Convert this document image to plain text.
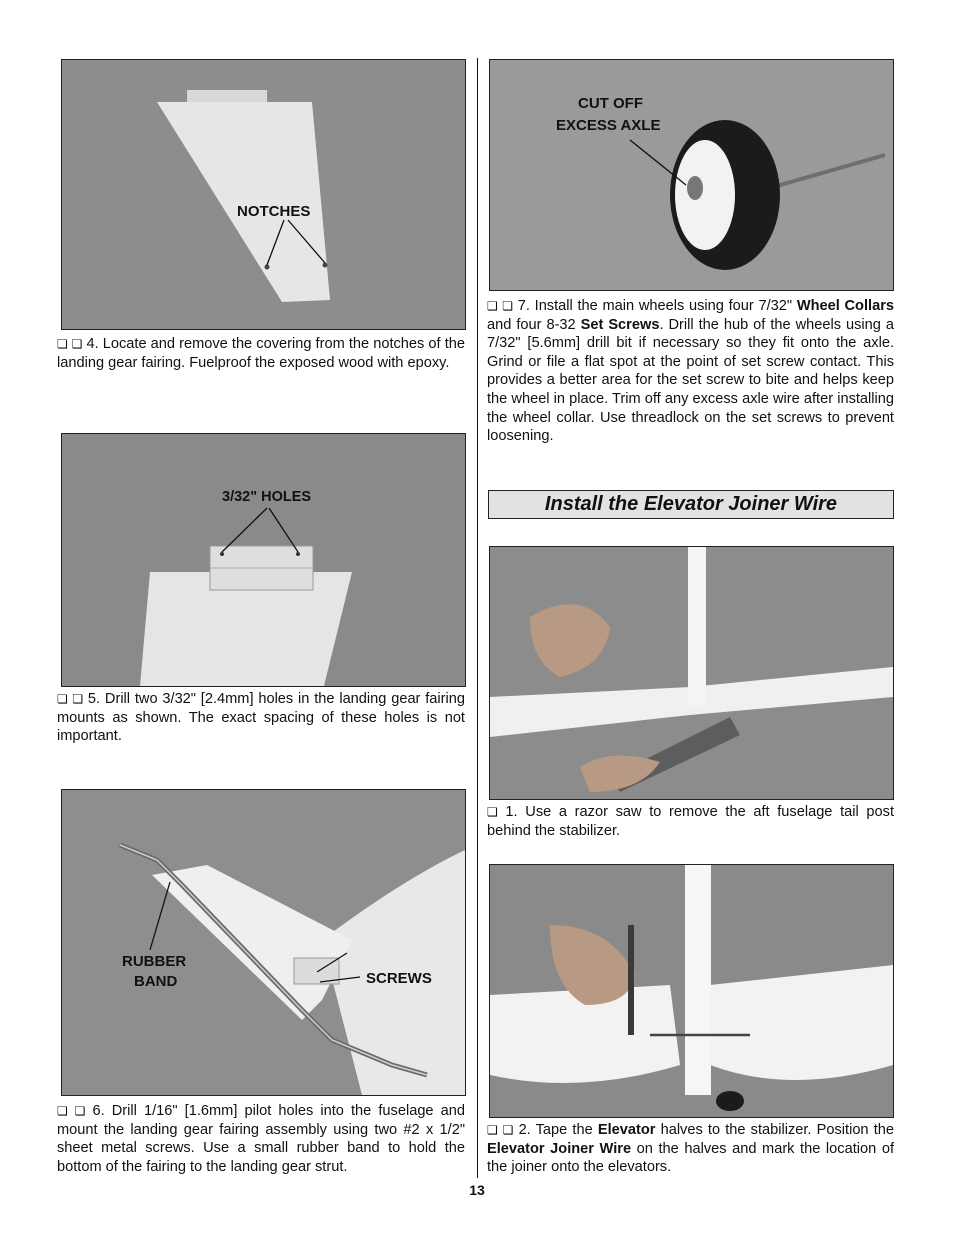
NOTCHES

❏ ❏ 4. Locate and remove the covering from the notches of the landing gear fairing. Fuelproof the exposed wood with epoxy.

3/32" HOLES

❏ ❏ 5. Drill two 3/32" [2.4mm] holes in the landing gear fairing mounts as shown. The exact spacing of these holes is not important.

RUBBER
BAND	SCREWS

❏ ❏ 6. Drill 1/16" [1.6mm] pilot holes into the fuselage and mount the landing gear fairing assembly using two #2 x 1/2" sheet metal screws. Use a small rubber band to hold the bottom of the fairing to the landing gear strut.

CUT OFF
EXCESS AXLE

❏ ❏ 7. Install the main wheels using four 7/32" Wheel Collars and four 8-32 Set Screws. Drill the hub of the wheels using a 7/32" [5.6mm] drill bit if necessary so they fit onto the axle. Grind or file a flat spot at the point of set screw contact. This provides a better area for the set screw to bite and helps keep the wheel in place. Trim off any excess axle wire after installing the wheel collar. Use threadlock on the set screws to prevent loosening.

Install the Elevator Joiner Wire

❏ 1. Use a razor saw to remove the aft fuselage tail post behind the stabilizer.

❏ ❏ 2. Tape the Elevator halves to the stabilizer. Position the Elevator Joiner Wire on the halves and mark the location of the joiner onto the elevators.

13
